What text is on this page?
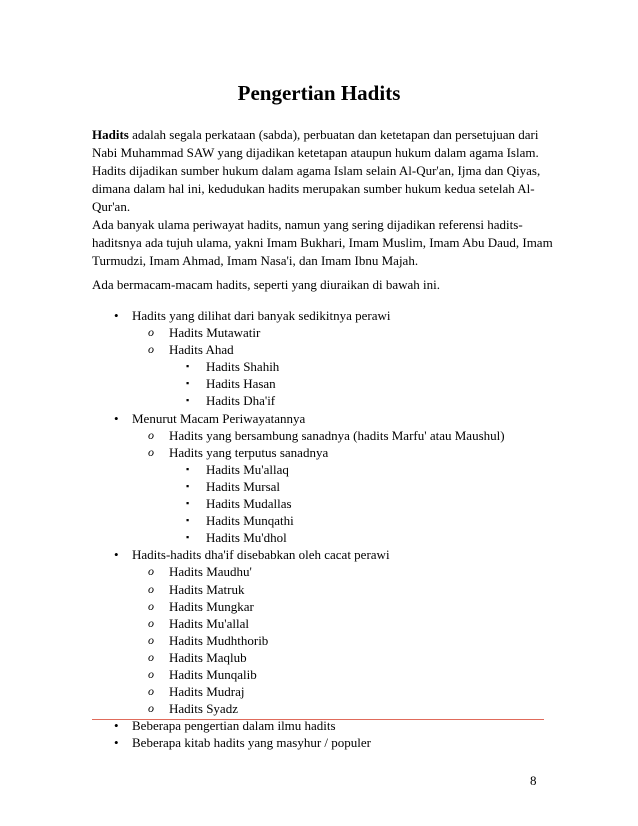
Pengertian Hadits

Hadits adalah segala perkataan (sabda), perbuatan dan ketetapan dan persetujuan dari
Nabi Muhammad SAW yang dijadikan ketetapan ataupun hukum dalam agama Islam.
Hadits dijadikan sumber hukum dalam agama Islam selain Al-Qur'an, Ijma dan Qiyas,
dimana dalam hal ini, kedudukan hadits merupakan sumber hukum kedua setelah Al-
Qur'an.

Ada banyak ulama periwayat hadits, namun yang sering dijadikan referensi hadits-
haditsnya ada tujuh ulama, yakni Imam Bukhari, Imam Muslim, Imam Abu Daud, Imam
Turmudzi, Imam Ahmad, Imam Nasa'i, dan Imam Ibnu Majah.

Ada bermacam-macam hadits, seperti yang diuraikan di bawah ini.

• Hadits yang dilihat dari banyak sedikitnya perawi
o Hadits Mutawatir
o Hadits Ahad
▪ Hadits Shahih
▪ Hadits Hasan
▪ Hadits Dha'if
• Menurut Macam Periwayatannya
o Hadits yang bersambung sanadnya (hadits Marfu' atau Maushul)
o Hadits yang terputus sanadnya
▪ Hadits Mu'allaq
▪ Hadits Mursal
▪ Hadits Mudallas
▪ Hadits Munqathi
▪ Hadits Mu'dhol
• Hadits-hadits dha'if disebabkan oleh cacat perawi
o Hadits Maudhu'
o Hadits Matruk
o Hadits Mungkar
o Hadits Mu'allal
o Hadits Mudhthorib
o Hadits Maqlub
o Hadits Munqalib
o Hadits Mudraj
o Hadits Syadz
• Beberapa pengertian dalam ilmu hadits
• Beberapa kitab hadits yang masyhur / populer
8
